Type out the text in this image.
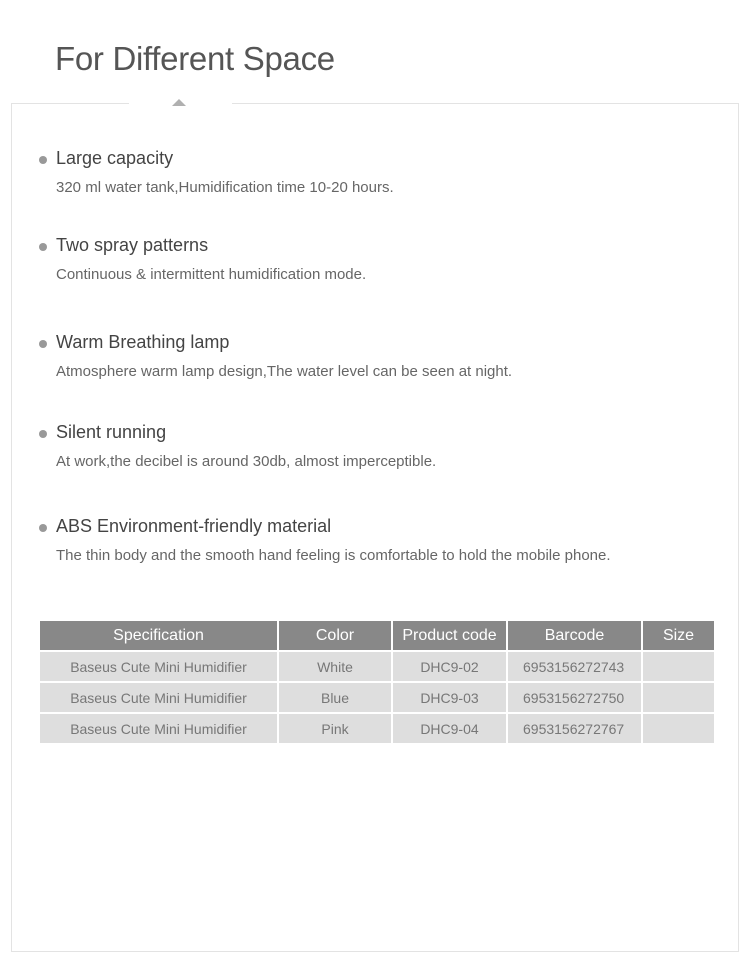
For Different Space
Large capacity
320 ml water tank,Humidification time 10-20 hours.
Two spray patterns
Continuous & intermittent humidification mode.
Warm Breathing lamp
Atmosphere warm lamp design,The water level can be seen at night.
Silent running
At work,the decibel is around 30db, almost imperceptible.
ABS Environment-friendly material
The thin body and the smooth hand feeling is comfortable to hold the mobile phone.
Specification	Color	Product code	Barcode	Size
Baseus Cute Mini Humidifier	White	DHC9-02	6953156272743	
Baseus Cute Mini Humidifier	Blue	DHC9-03	6953156272750	
Baseus Cute Mini Humidifier	Pink	DHC9-04	6953156272767	
